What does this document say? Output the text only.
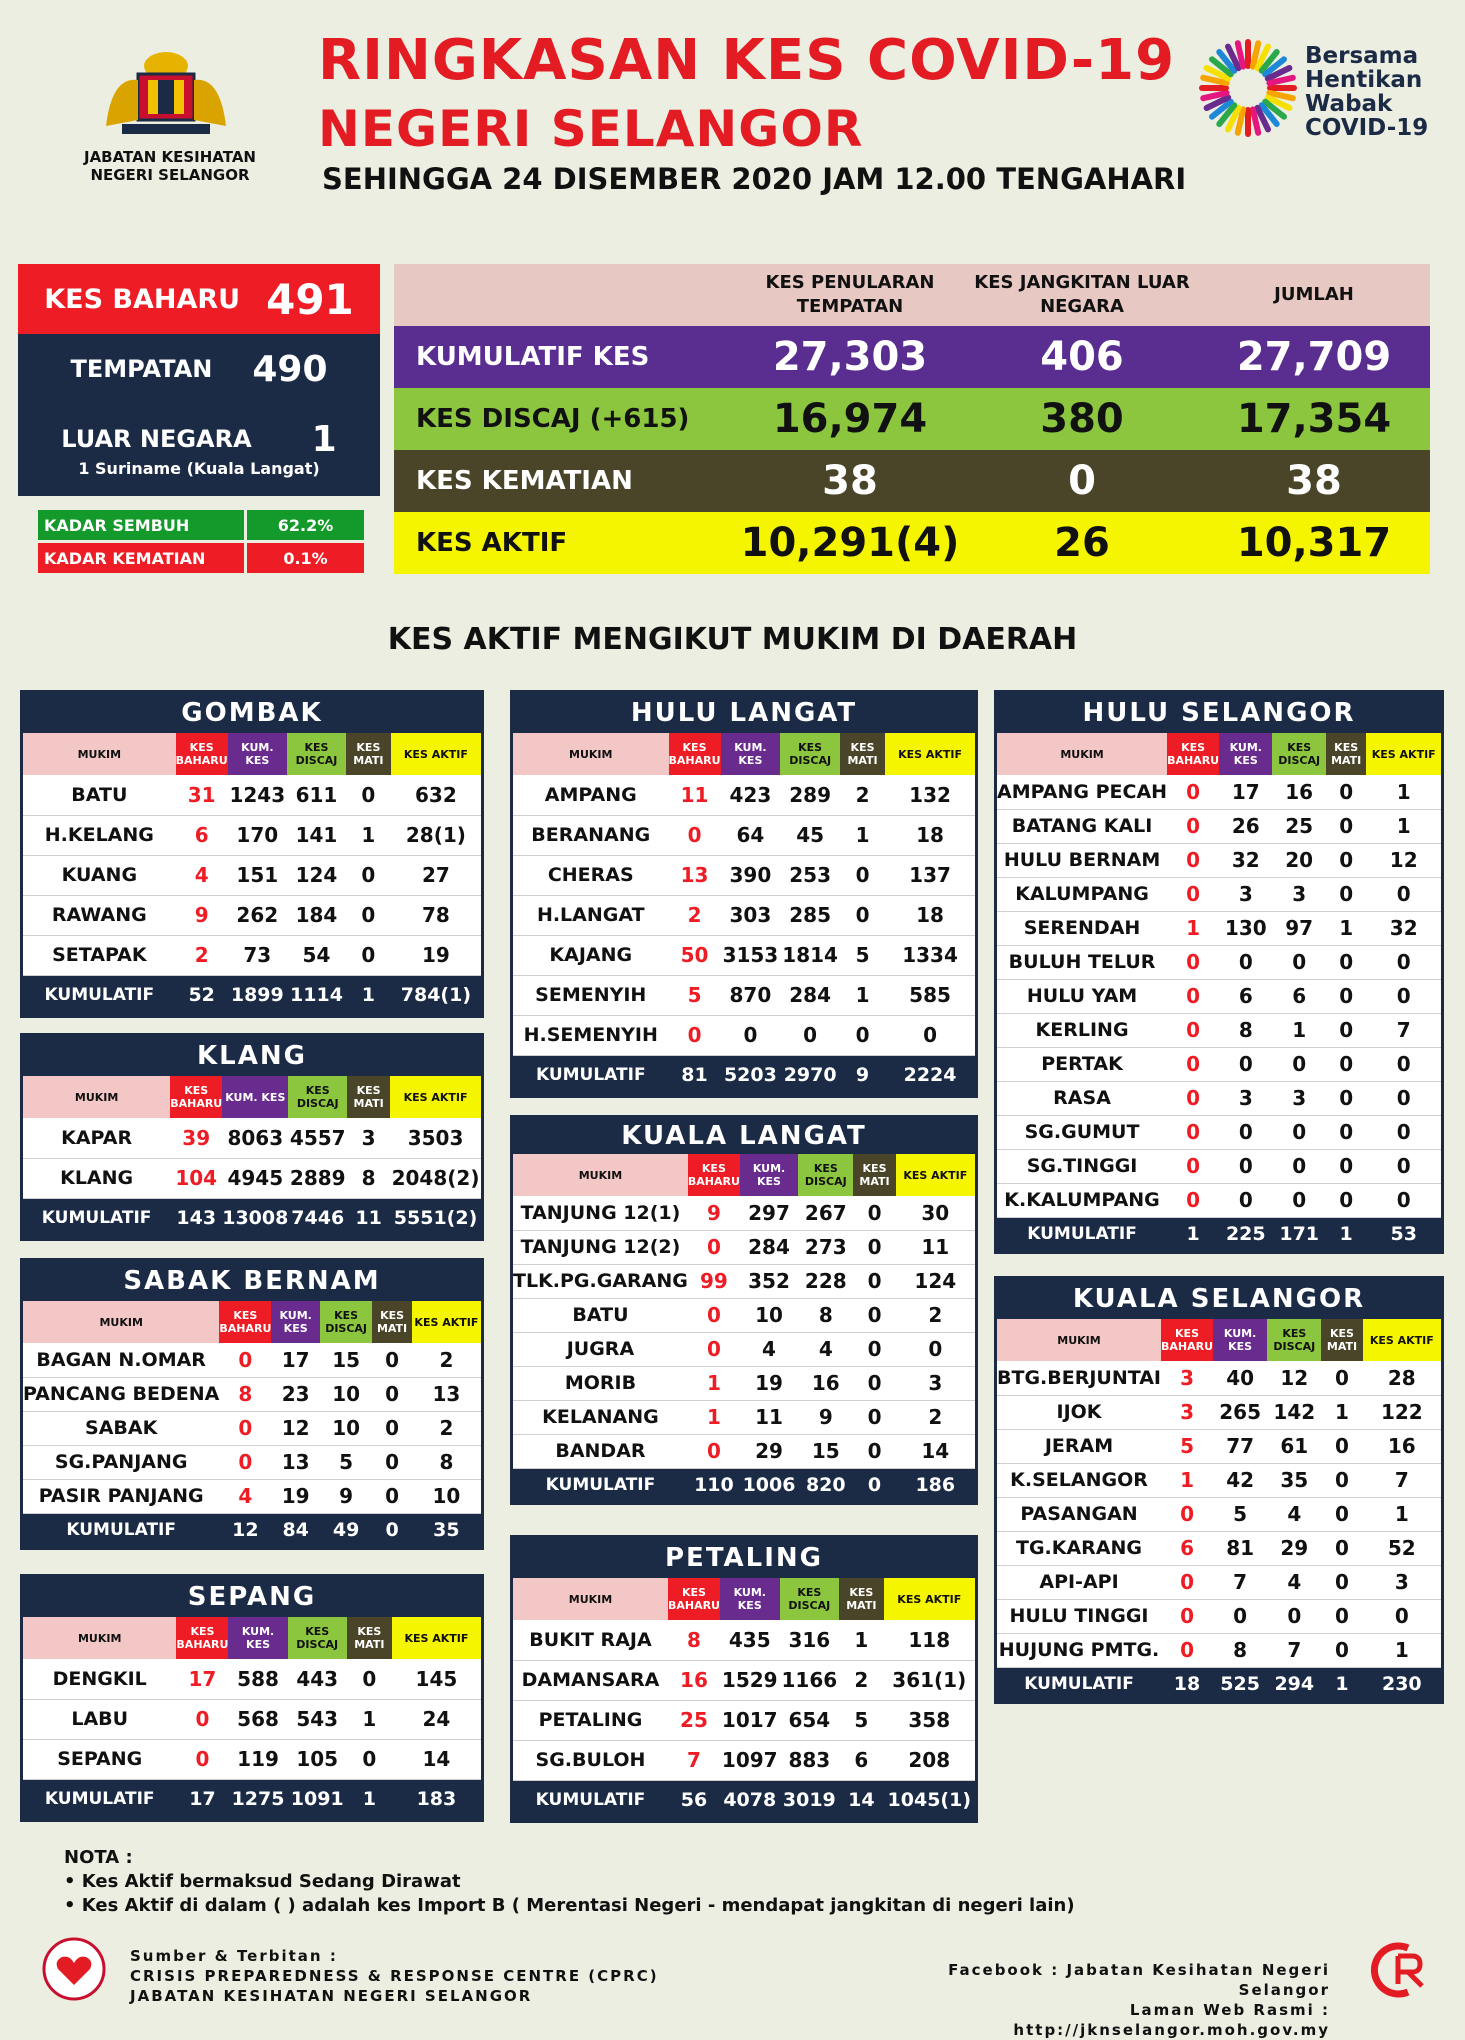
JABATAN KESIHATAN
NEGERI SELANGOR
RINGKASAN KES COVID-19
NEGERI SELANGOR
SEHINGGA 24 DISEMBER 2020 JAM 12.00 TENGAHARI
Bersama
Hentikan
Wabak
COVID-19
KES BAHARU 491
TEMPATAN 490
LUAR NEGARA 1
1 Suriname (Kuala Langat)
KADAR SEMBUH	62.2%
KADAR KEMATIAN	0.1%
KES PENULARAN TEMPATAN
KES JANGKITAN LUAR NEGARA
JUMLAH
KUMULATIF KES	27,303	406	27,709
KES DISCAJ (+615)	16,974	380	17,354
KES KEMATIAN	38	0	38
KES AKTIF	10,291(4)	26	10,317
KES AKTIF MENGIKUT MUKIM DI DAERAH
GOMBAK
MUKIM	KES BAHARU	KUM. KES	KES DISCAJ	KES MATI	KES AKTIF
BATU	31	1243	611	0	632
H.KELANG	6	170	141	1	28(1)
KUANG	4	151	124	0	27
RAWANG	9	262	184	0	78
SETAPAK	2	73	54	0	19
KUMULATIF	52	1899	1114	1	784(1)
KLANG
MUKIM	KES BAHARU	KUM. KES	KES DISCAJ	KES MATI	KES AKTIF
KAPAR	39	8063	4557	3	3503
KLANG	104	4945	2889	8	2048(2)
KUMULATIF	143	13008	7446	11	5551(2)
SABAK BERNAM
MUKIM	KES BAHARU	KUM. KES	KES DISCAJ	KES MATI	KES AKTIF
BAGAN N.OMAR	0	17	15	0	2
PANCANG BEDENA	8	23	10	0	13
SABAK	0	12	10	0	2
SG.PANJANG	0	13	5	0	8
PASIR PANJANG	4	19	9	0	10
KUMULATIF	12	84	49	0	35
SEPANG
MUKIM	KES BAHARU	KUM. KES	KES DISCAJ	KES MATI	KES AKTIF
DENGKIL	17	588	443	0	145
LABU	0	568	543	1	24
SEPANG	0	119	105	0	14
KUMULATIF	17	1275	1091	1	183
HULU LANGAT
MUKIM	KES BAHARU	KUM. KES	KES DISCAJ	KES MATI	KES AKTIF
AMPANG	11	423	289	2	132
BERANANG	0	64	45	1	18
CHERAS	13	390	253	0	137
H.LANGAT	2	303	285	0	18
KAJANG	50	3153	1814	5	1334
SEMENYIH	5	870	284	1	585
H.SEMENYIH	0	0	0	0	0
KUMULATIF	81	5203	2970	9	2224
KUALA LANGAT
MUKIM	KES BAHARU	KUM. KES	KES DISCAJ	KES MATI	KES AKTIF
TANJUNG 12(1)	9	297	267	0	30
TANJUNG 12(2)	0	284	273	0	11
TLK.PG.GARANG	99	352	228	0	124
BATU	0	10	8	0	2
JUGRA	0	4	4	0	0
MORIB	1	19	16	0	3
KELANANG	1	11	9	0	2
BANDAR	0	29	15	0	14
KUMULATIF	110	1006	820	0	186
PETALING
MUKIM	KES BAHARU	KUM. KES	KES DISCAJ	KES MATI	KES AKTIF
BUKIT RAJA	8	435	316	1	118
DAMANSARA	16	1529	1166	2	361(1)
PETALING	25	1017	654	5	358
SG.BULOH	7	1097	883	6	208
KUMULATIF	56	4078	3019	14	1045(1)
HULU SELANGOR
MUKIM	KES BAHARU	KUM. KES	KES DISCAJ	KES MATI	KES AKTIF
AMPANG PECAH	0	17	16	0	1
BATANG KALI	0	26	25	0	1
HULU BERNAM	0	32	20	0	12
KALUMPANG	0	3	3	0	0
SERENDAH	1	130	97	1	32
BULUH TELUR	0	0	0	0	0
HULU YAM	0	6	6	0	0
KERLING	0	8	1	0	7
PERTAK	0	0	0	0	0
RASA	0	3	3	0	0
SG.GUMUT	0	0	0	0	0
SG.TINGGI	0	0	0	0	0
K.KALUMPANG	0	0	0	0	0
KUMULATIF	1	225	171	1	53
KUALA SELANGOR
MUKIM	KES BAHARU	KUM. KES	KES DISCAJ	KES MATI	KES AKTIF
BTG.BERJUNTAI	3	40	12	0	28
IJOK	3	265	142	1	122
JERAM	5	77	61	0	16
K.SELANGOR	1	42	35	0	7
PASANGAN	0	5	4	0	1
TG.KARANG	6	81	29	0	52
API-API	0	7	4	0	3
HULU TINGGI	0	0	0	0	0
HUJUNG PMTG.	0	8	7	0	1
KUMULATIF	18	525	294	1	230
NOTA :
• Kes Aktif bermaksud Sedang Dirawat
• Kes Aktif di dalam ( ) adalah kes Import B ( Merentasi Negeri - mendapat jangkitan di negeri lain)
Sumber & Terbitan :
CRISIS PREPAREDNESS & RESPONSE CENTRE (CPRC)
JABATAN KESIHATAN NEGERI SELANGOR
Facebook : Jabatan Kesihatan Negeri Selangor
Laman Web Rasmi : http://jknselangor.moh.gov.my
